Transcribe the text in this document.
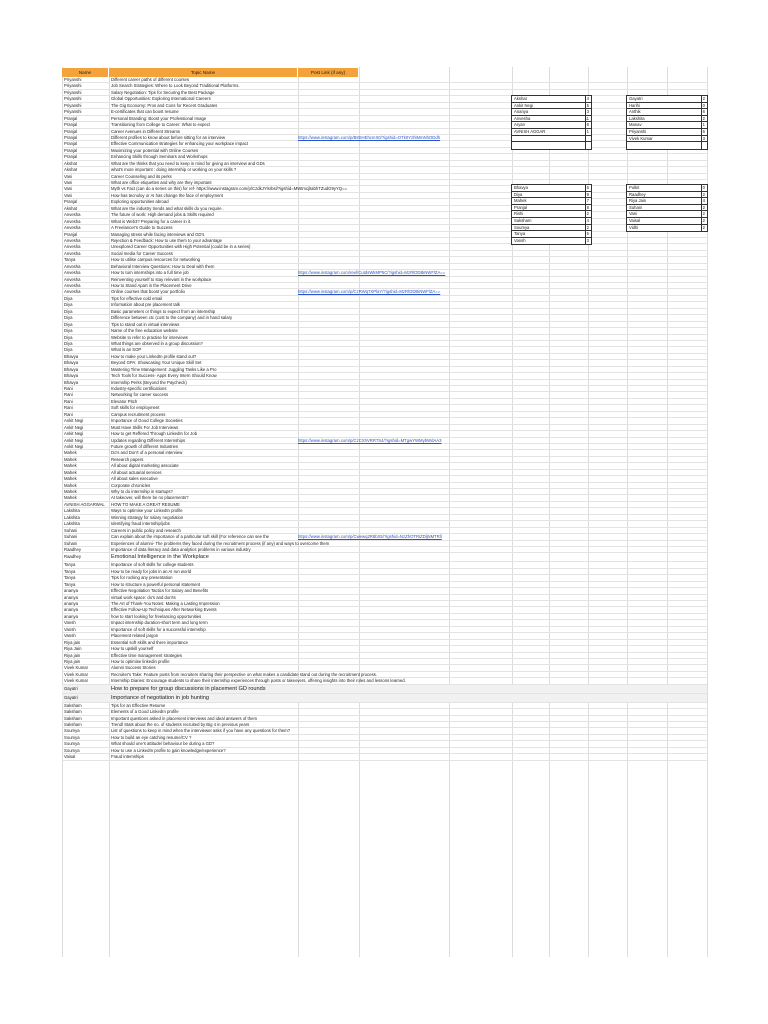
Name	Topic Name	Post Link (if any)
Priyanshi	Different career paths of different courses
Priyanshi	Job Search Strategies: Where to Look Beyond Traditional Platforms.
Priyanshi	Salary Negotiation: Tips for Securing the Best Package
Priyanshi	Global Opportunities: Exploring International Careers
Priyanshi	The Gig Economy: Pros and Cons for Recent Graduates
Priyanshi	E-certificates that can boost resume
Pranjal	Personal Branding: Boost your Professional Image
Pranjal	Transitioning from College to Career: What to expect
Pranjal	Career Avenues in Different Streams
Pranjal	Different profiles to know about before sitting for an interview	https://www.instagram.com/p/B8SHEhcmX0/?igshid=OTk0YzhlMmNhODdh
Pranjal	Effective Communication strategies for enhancing your workplace impact
Pranjal	Maximizing your potential with Online Courses
Pranjal	Enhancing Skills through Seminars and Workshops
Akshat	What are the thinks that you need to keep in mind for giving an interview and GDs
Akshat	what's more important : doing internship or working on your skills ?
Vani	Career Counseling and its perks
Vani	What are office etiquettes and why are they important
Vani	Myth vs Fact (can do a series on this) for ref- https://www.instagram.com/p/CzdkJYlsrbsl/?igshid=MWtmcjlIabhTZudG9yYQ==
Vani	How has tecnoloy or AI has change the face of employment
Pranjal	Exploring opportunities abroad
Akshat	What are the industry trends and what skills do you require .
Anvesha	The future of work: High demand jobs & Skills required
Anvesha	What is Web3? Preparing for a career in it.
Anvesha	A Freelancer's Guide to Success
Pranjal	Managing stress while facing interviews and GD's
Anvesha	Rejection & Feedback: How to use them to your advantage
Anvesha	Unexplored Career Opportunities with High Potential (could be in a series)
Anvesha	Social media for Career Success
Tanya	How to utilise campus resources for networking
Anvesha	Behavioral Interview Questions: How to Deal with them
Anvesha	How to turn internships into a full time job	https://www.instagram.com/reel/CutdsWkMP5C/?igshid=MzRlODBiNWFlZA==
Anvesha	Reinventing yourself to stay relevant in the workplace
Anvesha	How to Stand Apart in the Placement Drive
Anvesha	Online courses that boost your portfolio	https://www.instagram.com/p/CzRWq7XPlaY/?igshid=MzRlODBiNWFlZA==
Diya	Tips for effective cold email
Diya	Information about pre placement talk
Diya	Basic parameters or things to expect from an internship
Diya	Difference between ctc (cost to the company) and in hand salary
Diya	Tips to stand out in virtual interviews
Diya	Name of the free education website
Diya	Website to refer to practise for interviews
Diya	What things are observed in a group discussion?
Diya	What is an SOP
Bhavya	How to make your LinkedIn profile stand out?
Bhavya	Beyond GPA: Showcasing Your Unique Skill Set
Bhavya	Mastering Time Management: Juggling Tasks Like a Pro
Bhavya	Tech Tools for Success- Apps Every Intern Should Know
Bhavya	Internship Perks (Beyond the Paycheck)
Rani	Industry-specific certifications
Rani	Networking for career success
Rani	Elevator Pitch
Rani	Soft skills for employment
Rani	Campus recruitment process
Ankit Negi	Importance of Good College Societies
Ankit Negi	Must Have Skills For Job Interviews
Ankit Negi	How to get Reffered Through LinkedIn for Job
Ankit Negi	Updates regarding Different Internships	https://www.instagram.com/p/CzCXhVRR7S4/?igshid=MTgwYWMybWdAA3
Ankit Negi	Future growth of different Industries
Mahek	Do's and Don't of a personal interview
Mahek	Research papers
Mahek	All about digital marketing associate
Mahek	All about actuarial services
Mahek	All about sales executive
Mahek	Corporate chronicles
Mahek	Why to do internship in startups?
Mahek	AI takeover, will there be no placements?
AVNISH AGGARWAL	HOW TO MAKE A GREAT RESUME
Lakshita	Ways to optimise your LinkedIn profile
Lakshita	Winning strategy for salary negotiation
Lakshita	Identifying fraud internship/jobs
Suhani	Careers in public policy and research
Suhani	Can explain about the importance of a particular soft skill (For reference can see the	https://www.instagram.com/p/Cwewq2R8bX5/?igshid=NzZhOTRiZDljNMTRll
Suhani	Experiences of alumni- The problems they faced during the recruitment process (if any) and ways to overcome them
Raadhey	Importance of data literacy and data analytics problems in various industry
Raadhey	Emotional Intelligence in the Workplace
Tanya	Importance of soft skills for college students
Tanya	How to be ready for jobs in an AI run world
Tanya	Tips for rocking any presentation
Tanya	How to structure a powerful personal statement
ananya	Effective Negotiation Tactics for Salary and Benefits
ananya	virtual work space: do's and don'ts
ananya	The Art of Thank-You Notes: Making a Lasting Impression
ananya	Effective Follow-Up Techniques After Networking Events
ananya	how to start looking for freelancing opportunities
Vansh	Impact internship duration-short term and long term
Vansh	Importance of soft skills for a successful internship
Vansh	Placement related jargon
Riya jain	Essential soft skills and there importance
Riya Jain	How to upskill yourself
Riya jain	Effective time management strategies
Riya jain	How to optimise linkedin profile
Vivek Kumar	Alumni Success Stories
Vivek Kumar	Recruiter's Take: Feature posts from recruiters sharing their perspective on what makes a candidate stand out during the recruitment process.
Vivek Kumar	Internship Diaries: Encourage students to share their internship experiences through posts or takeovers, offering insights into their roles and lessons learned.
Gayatri	How to prepare for group discussions in placement GD rounds
Gayatri	Importance of negotiation in job hunting
Saksham	Tips for an Effective Resume
Saksham	Elements of a Good LinkedIn profile
Saksham	Important questions asked in placement interviews and ideal answers of them
Saksham	Trendl Stats about the no. of students recruited by Big 4 in previous years
Soumya	List of questions to keep in mind when the interviewer asks if you have any questions for them?
Soumya	How to build an eye catching resume/CV ?
Soumya	What should one's attitude/ behaviour be during a GD?
Soumya	How to use a LinkedIn profile to gain knowledge/experience?
Vaisal	Fraud internships
Akshat	4
Ankit Negi	5
Ananya	3
Anvesha	11
Aryan	6
AVNISH AGGAR	1
Gayatri	2
Harihi	0
Anthik	6
Lakshita	2
Manav	1
Priyanshi	6
Vivek Kumar	3
Bhavya	5
Diya	9
Mahek	7
Pranjal	8
Rishi	2
Saksham	4
Soumya	2
Tanya	5
Vansh	3
Pulkit	0
Raadhey	2
Riya Jain	4
Suhani	2
Vani	2
Vaisal	2
Vidhi	2
